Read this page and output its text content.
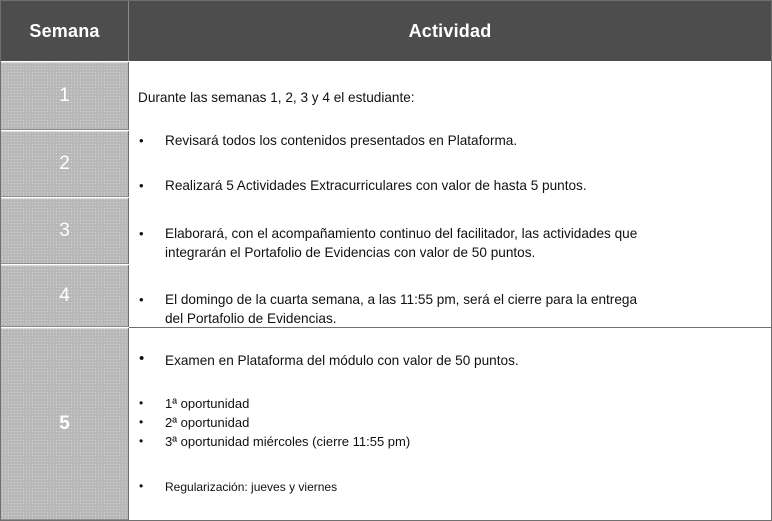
Semana	Actividad
1
2
3
4
5
Durante las semanas 1, 2, 3 y 4 el estudiante:
• Revisará todos los contenidos presentados en Plataforma.
• Realizará 5 Actividades Extracurriculares con valor de hasta 5 puntos.
• Elaborará, con el acompañamiento continuo del facilitador, las actividades que
integrarán el Portafolio de Evidencias con valor de 50 puntos.
• El domingo de la cuarta semana, a las 11:55 pm, será el cierre para la entrega
del Portafolio de Evidencias.
• Examen en Plataforma del módulo con valor de 50 puntos.
• 1ª oportunidad
• 2ª oportunidad
• 3ª oportunidad miércoles (cierre 11:55 pm)
• Regularización: jueves y viernes
